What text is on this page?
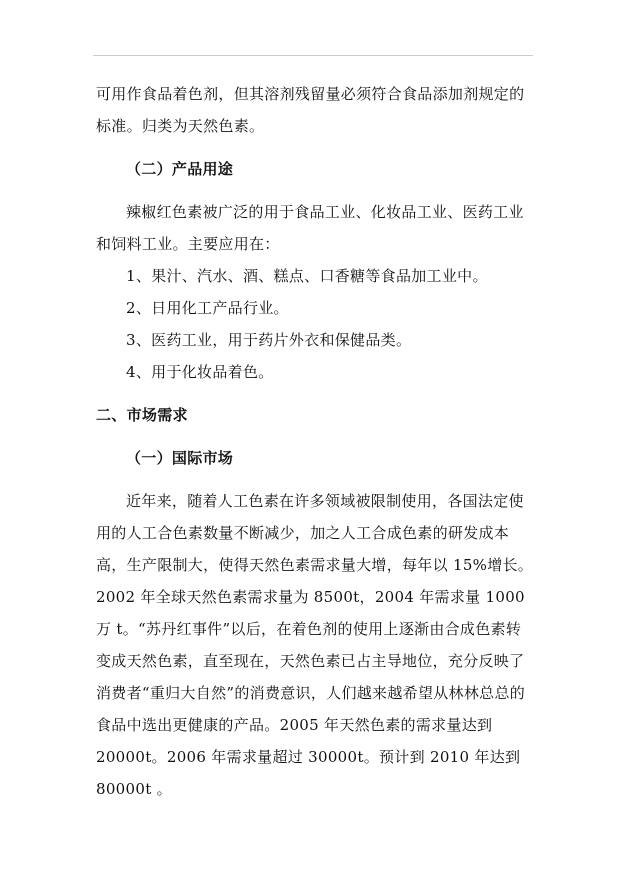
可用作食品着色剂，但其溶剂残留量必须符合食品添加剂规定的标准。归类为天然色素。

（二）产品用途

辣椒红色素被广泛的用于食品工业、化妆品工业、医药工业和饲料工业。主要应用在：

1、果汁、汽水、酒、糕点、口香糖等食品加工业中。
2、日用化工产品行业。
3、医药工业，用于药片外衣和保健品类。
4、用于化妆品着色。
二、市场需求
（一）国际市场

近年来，随着人工色素在许多领域被限制使用，各国法定使用的人工合色素数量不断减少，加之人工合成色素的研发成本高，生产限制大，使得天然色素需求量大增，每年以 15%增长。2002 年全球天然色素需求量为 8500t，2004 年需求量 1000 万 t。“苏丹红事件”以后，在着色剂的使用上逐渐由合成色素转变成天然色素，直至现在，天然色素已占主导地位，充分反映了消费者“重归大自然”的消费意识，人们越来越希望从林林总总的食品中选出更健康的产品。2005 年天然色素的需求量达到 20000t。2006 年需求量超过 30000t。预计到 2010 年达到 80000t 。
